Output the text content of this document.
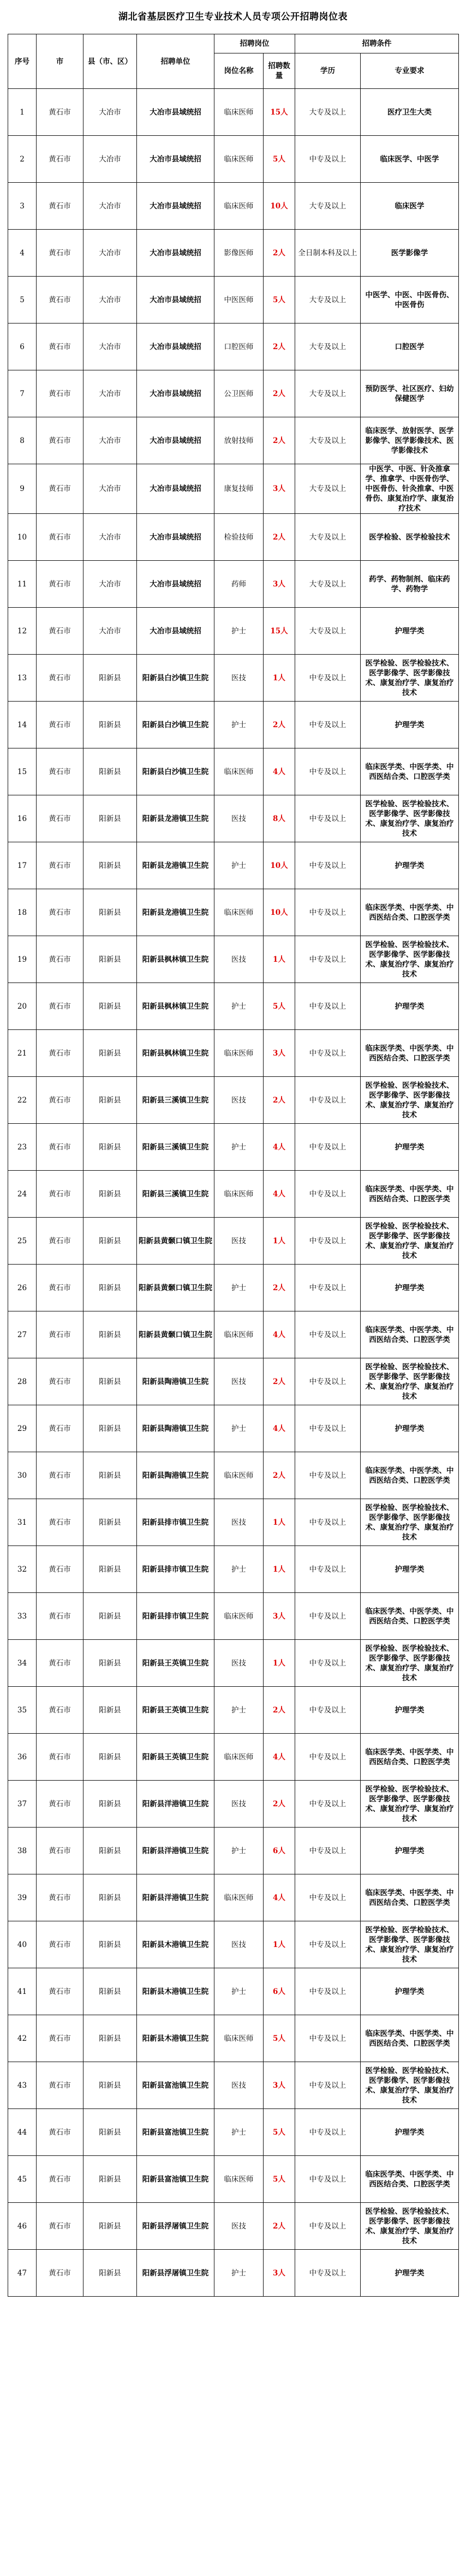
湖北省基层医疗卫生专业技术人员专项公开招聘岗位表
序号	市	县（市、区）	招聘单位	招聘岗位		招聘条件	
				岗位名称	招聘数量	学历	专业要求
1	黄石市	大冶市	大冶市县域统招	临床医师	15人	大专及以上	医疗卫生大类
2	黄石市	大冶市	大冶市县域统招	临床医师	5人	中专及以上	临床医学、中医学
3	黄石市	大冶市	大冶市县域统招	临床医师	10人	大专及以上	临床医学
4	黄石市	大冶市	大冶市县域统招	影像医师	2人	全日制本科及以上	医学影像学
5	黄石市	大冶市	大冶市县域统招	中医医师	5人	大专及以上	中医学、中医、中医骨伤、中医骨伤
6	黄石市	大冶市	大冶市县域统招	口腔医师	2人	大专及以上	口腔医学
7	黄石市	大冶市	大冶市县域统招	公卫医师	2人	大专及以上	预防医学、社区医疗、妇幼保健医学
8	黄石市	大冶市	大冶市县域统招	放射技师	2人	大专及以上	临床医学、放射医学、医学影像学、医学影像技术、医学影像技术
9	黄石市	大冶市	大冶市县域统招	康复技师	3人	大专及以上	中医学、中医、针灸推拿学、推拿学、中医骨伤学、中医骨伤、针灸推拿、中医骨伤、康复治疗学、康复治疗技术
10	黄石市	大冶市	大冶市县域统招	检验技师	2人	大专及以上	医学检验、医学检验技术
11	黄石市	大冶市	大冶市县域统招	药师	3人	大专及以上	药学、药物制剂、临床药学、药物学
12	黄石市	大冶市	大冶市县域统招	护士	15人	大专及以上	护理学类
13	黄石市	阳新县	阳新县白沙镇卫生院	医技	1人	中专及以上	医学检验、医学检验技术、医学影像学、医学影像技术、康复治疗学、康复治疗技术
14	黄石市	阳新县	阳新县白沙镇卫生院	护士	2人	中专及以上	护理学类
15	黄石市	阳新县	阳新县白沙镇卫生院	临床医师	4人	中专及以上	临床医学类、中医学类、中西医结合类、口腔医学类
16	黄石市	阳新县	阳新县龙港镇卫生院	医技	8人	中专及以上	医学检验、医学检验技术、医学影像学、医学影像技术、康复治疗学、康复治疗技术
17	黄石市	阳新县	阳新县龙港镇卫生院	护士	10人	中专及以上	护理学类
18	黄石市	阳新县	阳新县龙港镇卫生院	临床医师	10人	中专及以上	临床医学类、中医学类、中西医结合类、口腔医学类
19	黄石市	阳新县	阳新县枫林镇卫生院	医技	1人	中专及以上	医学检验、医学检验技术、医学影像学、医学影像技术、康复治疗学、康复治疗技术
20	黄石市	阳新县	阳新县枫林镇卫生院	护士	5人	中专及以上	护理学类
21	黄石市	阳新县	阳新县枫林镇卫生院	临床医师	3人	中专及以上	临床医学类、中医学类、中西医结合类、口腔医学类
22	黄石市	阳新县	阳新县三溪镇卫生院	医技	2人	中专及以上	医学检验、医学检验技术、医学影像学、医学影像技术、康复治疗学、康复治疗技术
23	黄石市	阳新县	阳新县三溪镇卫生院	护士	4人	中专及以上	护理学类
24	黄石市	阳新县	阳新县三溪镇卫生院	临床医师	4人	中专及以上	临床医学类、中医学类、中西医结合类、口腔医学类
25	黄石市	阳新县	阳新县黄颡口镇卫生院	医技	1人	中专及以上	医学检验、医学检验技术、医学影像学、医学影像技术、康复治疗学、康复治疗技术
26	黄石市	阳新县	阳新县黄颡口镇卫生院	护士	2人	中专及以上	护理学类
27	黄石市	阳新县	阳新县黄颡口镇卫生院	临床医师	4人	中专及以上	临床医学类、中医学类、中西医结合类、口腔医学类
28	黄石市	阳新县	阳新县陶港镇卫生院	医技	2人	中专及以上	医学检验、医学检验技术、医学影像学、医学影像技术、康复治疗学、康复治疗技术
29	黄石市	阳新县	阳新县陶港镇卫生院	护士	4人	中专及以上	护理学类
30	黄石市	阳新县	阳新县陶港镇卫生院	临床医师	2人	中专及以上	临床医学类、中医学类、中西医结合类、口腔医学类
31	黄石市	阳新县	阳新县排市镇卫生院	医技	1人	中专及以上	医学检验、医学检验技术、医学影像学、医学影像技术、康复治疗学、康复治疗技术
32	黄石市	阳新县	阳新县排市镇卫生院	护士	1人	中专及以上	护理学类
33	黄石市	阳新县	阳新县排市镇卫生院	临床医师	3人	中专及以上	临床医学类、中医学类、中西医结合类、口腔医学类
34	黄石市	阳新县	阳新县王英镇卫生院	医技	1人	中专及以上	医学检验、医学检验技术、医学影像学、医学影像技术、康复治疗学、康复治疗技术
35	黄石市	阳新县	阳新县王英镇卫生院	护士	2人	中专及以上	护理学类
36	黄石市	阳新县	阳新县王英镇卫生院	临床医师	4人	中专及以上	临床医学类、中医学类、中西医结合类、口腔医学类
37	黄石市	阳新县	阳新县洋港镇卫生院	医技	2人	中专及以上	医学检验、医学检验技术、医学影像学、医学影像技术、康复治疗学、康复治疗技术
38	黄石市	阳新县	阳新县洋港镇卫生院	护士	6人	中专及以上	护理学类
39	黄石市	阳新县	阳新县洋港镇卫生院	临床医师	4人	中专及以上	临床医学类、中医学类、中西医结合类、口腔医学类
40	黄石市	阳新县	阳新县木港镇卫生院	医技	1人	中专及以上	医学检验、医学检验技术、医学影像学、医学影像技术、康复治疗学、康复治疗技术
41	黄石市	阳新县	阳新县木港镇卫生院	护士	6人	中专及以上	护理学类
42	黄石市	阳新县	阳新县木港镇卫生院	临床医师	5人	中专及以上	临床医学类、中医学类、中西医结合类、口腔医学类
43	黄石市	阳新县	阳新县富池镇卫生院	医技	3人	中专及以上	医学检验、医学检验技术、医学影像学、医学影像技术、康复治疗学、康复治疗技术
44	黄石市	阳新县	阳新县富池镇卫生院	护士	5人	中专及以上	护理学类
45	黄石市	阳新县	阳新县富池镇卫生院	临床医师	5人	中专及以上	临床医学类、中医学类、中西医结合类、口腔医学类
46	黄石市	阳新县	阳新县浮屠镇卫生院	医技	2人	中专及以上	医学检验、医学检验技术、医学影像学、医学影像技术、康复治疗学、康复治疗技术
47	黄石市	阳新县	阳新县浮屠镇卫生院	护士	3人	中专及以上	护理学类
